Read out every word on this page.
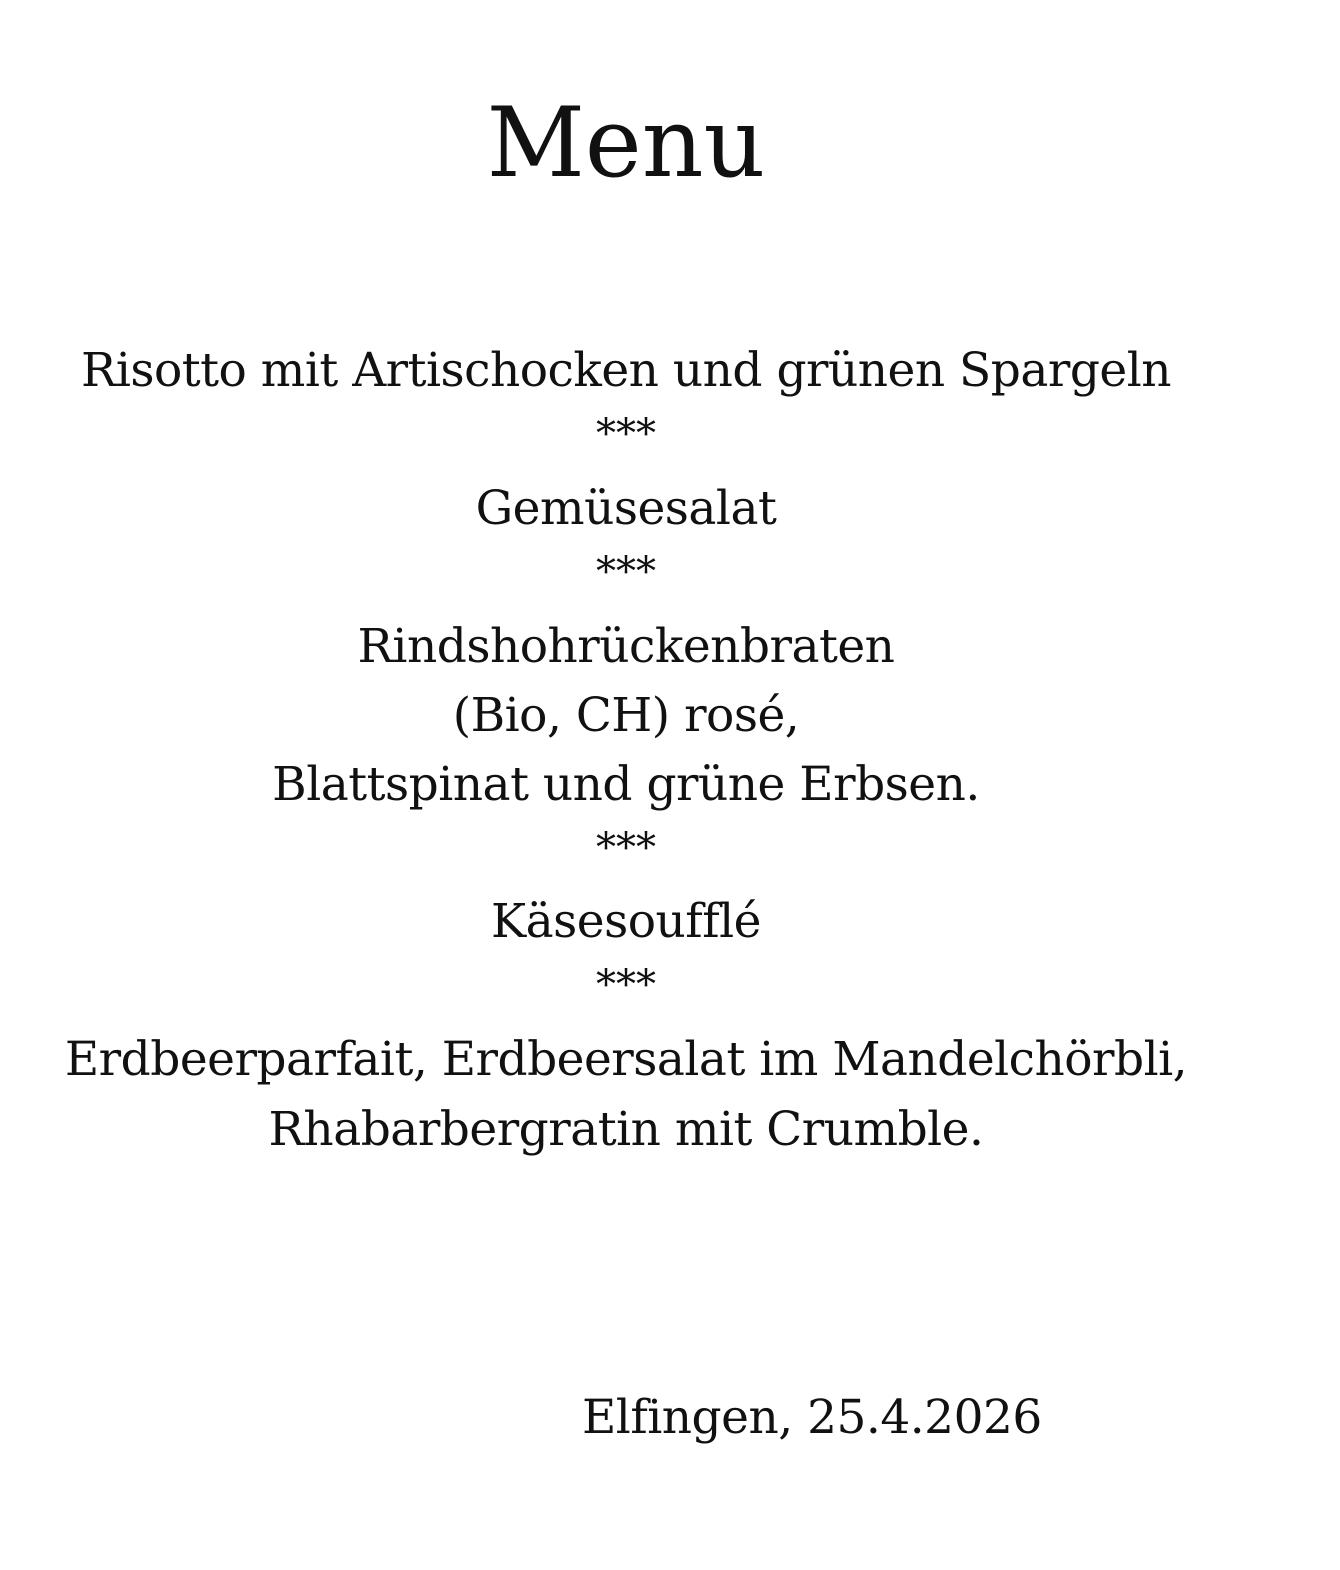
Menu
Risotto mit Artischocken und grünen Spargeln
***
Gemüsesalat
***
Rindshohrückenbraten
(Bio, CH) rosé,
Blattspinat und grüne Erbsen.
***
Käsesoufflé
***
Erdbeerparfait, Erdbeersalat im Mandelchörbli,
Rhabarbergratin mit Crumble.
Elfingen, 25.4.2026
